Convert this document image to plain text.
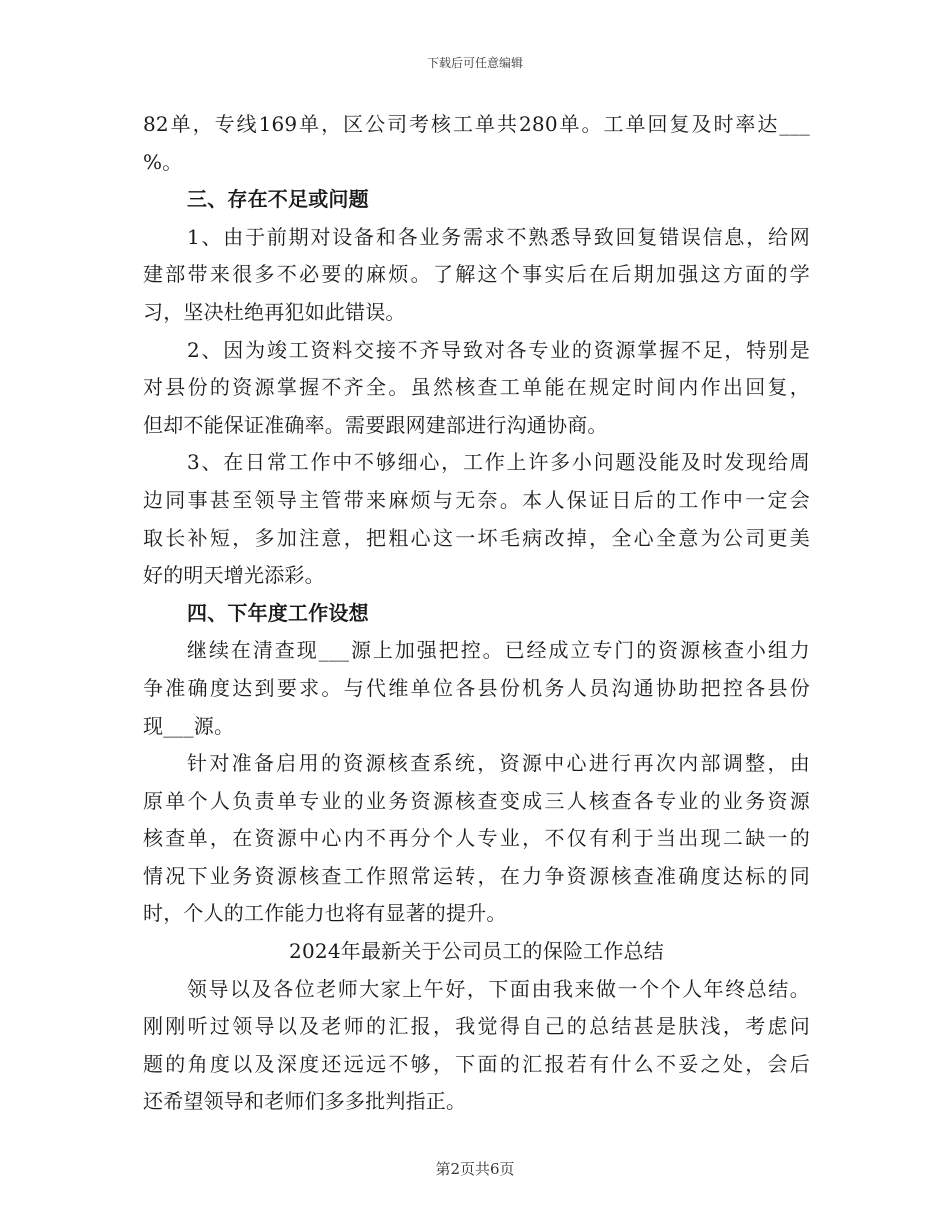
下载后可任意编辑
82单，专线169单，区公司考核工单共280单。工单回复及时率达___
%。
三、存在不足或问题
1、由于前期对设备和各业务需求不熟悉导致回复错误信息，给网
建部带来很多不必要的麻烦。了解这个事实后在后期加强这方面的学
习，坚决杜绝再犯如此错误。
2、因为竣工资料交接不齐导致对各专业的资源掌握不足，特别是
对县份的资源掌握不齐全。虽然核查工单能在规定时间内作出回复，
但却不能保证准确率。需要跟网建部进行沟通协商。
3、在日常工作中不够细心，工作上许多小问题没能及时发现给周
边同事甚至领导主管带来麻烦与无奈。本人保证日后的工作中一定会
取长补短，多加注意，把粗心这一坏毛病改掉，全心全意为公司更美
好的明天增光添彩。
四、下年度工作设想
继续在清查现___源上加强把控。已经成立专门的资源核查小组力
争准确度达到要求。与代维单位各县份机务人员沟通协助把控各县份
现___源。
针对准备启用的资源核查系统，资源中心进行再次内部调整，由
原单个人负责单专业的业务资源核查变成三人核查各专业的业务资源
核查单，在资源中心内不再分个人专业，不仅有利于当出现二缺一的
情况下业务资源核查工作照常运转，在力争资源核查准确度达标的同
时，个人的工作能力也将有显著的提升。
2024年最新关于公司员工的保险工作总结
领导以及各位老师大家上午好，下面由我来做一个个人年终总结。
刚刚听过领导以及老师的汇报，我觉得自己的总结甚是肤浅，考虑问
题的角度以及深度还远远不够，下面的汇报若有什么不妥之处，会后
还希望领导和老师们多多批判指正。
第2页共6页
